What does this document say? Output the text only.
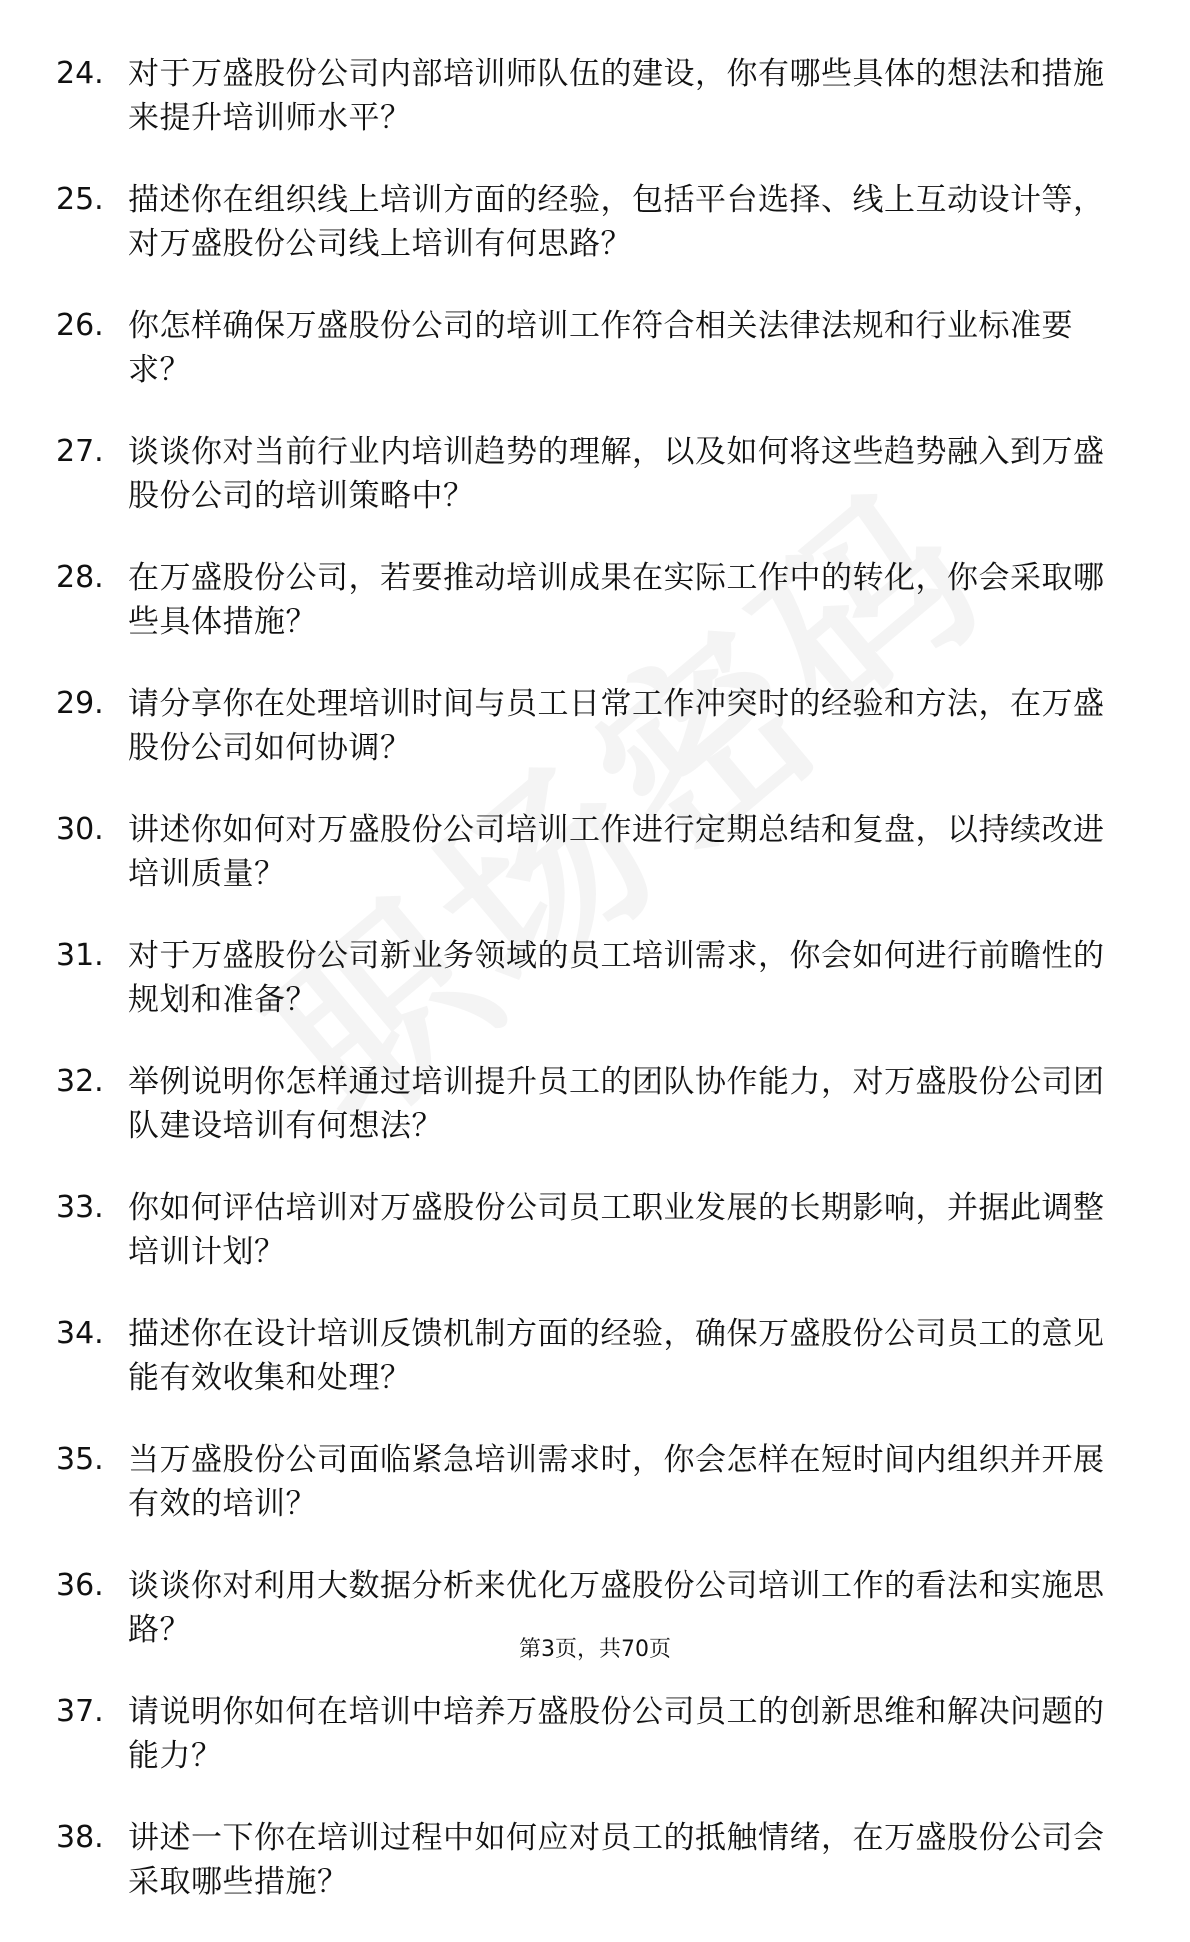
24. 对于万盛股份公司内部培训师队伍的建设，你有哪些具体的想法和措施来提升培训师水平？
25. 描述你在组织线上培训方面的经验，包括平台选择、线上互动设计等，对万盛股份公司线上培训有何思路？
26. 你怎样确保万盛股份公司的培训工作符合相关法律法规和行业标准要求？
27. 谈谈你对当前行业内培训趋势的理解，以及如何将这些趋势融入到万盛股份公司的培训策略中？
28. 在万盛股份公司，若要推动培训成果在实际工作中的转化，你会采取哪些具体措施？
29. 请分享你在处理培训时间与员工日常工作冲突时的经验和方法，在万盛股份公司如何协调？
30. 讲述你如何对万盛股份公司培训工作进行定期总结和复盘，以持续改进培训质量？
31. 对于万盛股份公司新业务领域的员工培训需求，你会如何进行前瞻性的规划和准备？
32. 举例说明你怎样通过培训提升员工的团队协作能力，对万盛股份公司团队建设培训有何想法？
33. 你如何评估培训对万盛股份公司员工职业发展的长期影响，并据此调整培训计划？
34. 描述你在设计培训反馈机制方面的经验，确保万盛股份公司员工的意见能有效收集和处理？
35. 当万盛股份公司面临紧急培训需求时，你会怎样在短时间内组织并开展有效的培训？
36. 谈谈你对利用大数据分析来优化万盛股份公司培训工作的看法和实施思路？
37. 请说明你如何在培训中培养万盛股份公司员工的创新思维和解决问题的能力？
38. 讲述一下你在培训过程中如何应对员工的抵触情绪，在万盛股份公司会采取哪些措施？
第3页，共70页
